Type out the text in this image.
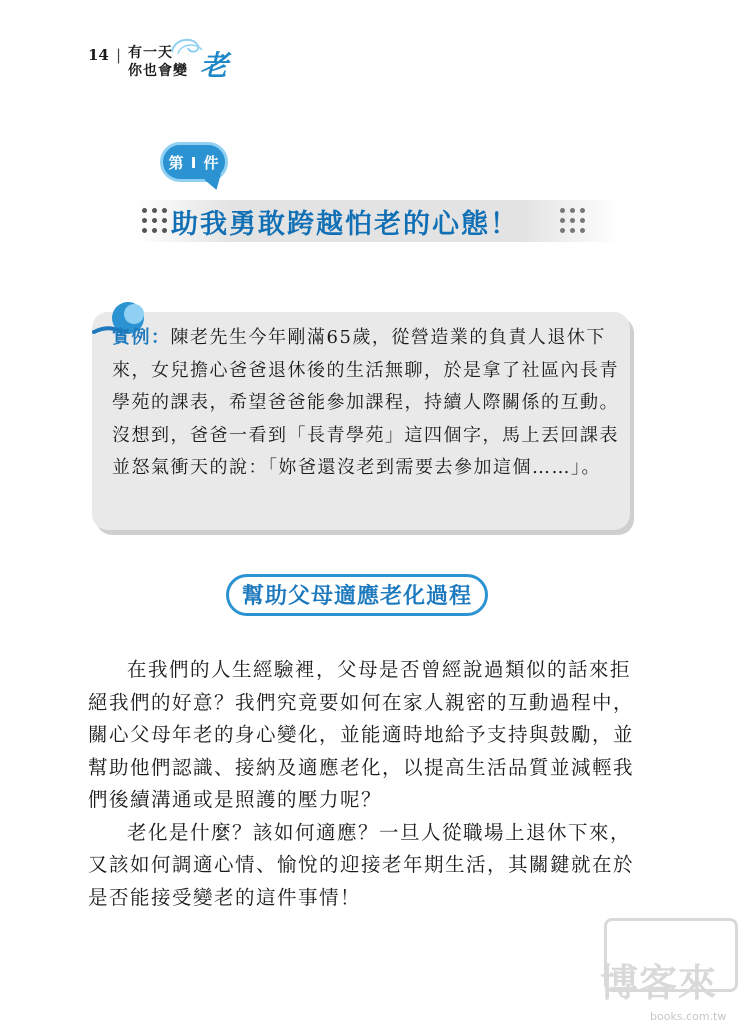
14 | 有一天
你也會變 老
第 I 件
助我勇敢跨越怕老的心態！
實例：陳老先生今年剛滿65歲，從營造業的負責人退休下來，女兒擔心爸爸退休後的生活無聊，於是拿了社區內長青學苑的課表，希望爸爸能參加課程，持續人際關係的互動。沒想到，爸爸一看到「長青學苑」這四個字，馬上丟回課表並怒氣衝天的說：「妳爸還沒老到需要去參加這個……」。
幫助父母適應老化過程

在我們的人生經驗裡，父母是否曾經說過類似的話來拒絕我們的好意？我們究竟要如何在家人親密的互動過程中，關心父母年老的身心變化，並能適時地給予支持與鼓勵，並幫助他們認識、接納及適應老化，以提高生活品質並減輕我們後續溝通或是照護的壓力呢？

老化是什麼？該如何適應？一旦人從職場上退休下來，又該如何調適心情、愉悅的迎接老年期生活，其關鍵就在於是否能接受變老的這件事情！

博客來
books.com.tw
